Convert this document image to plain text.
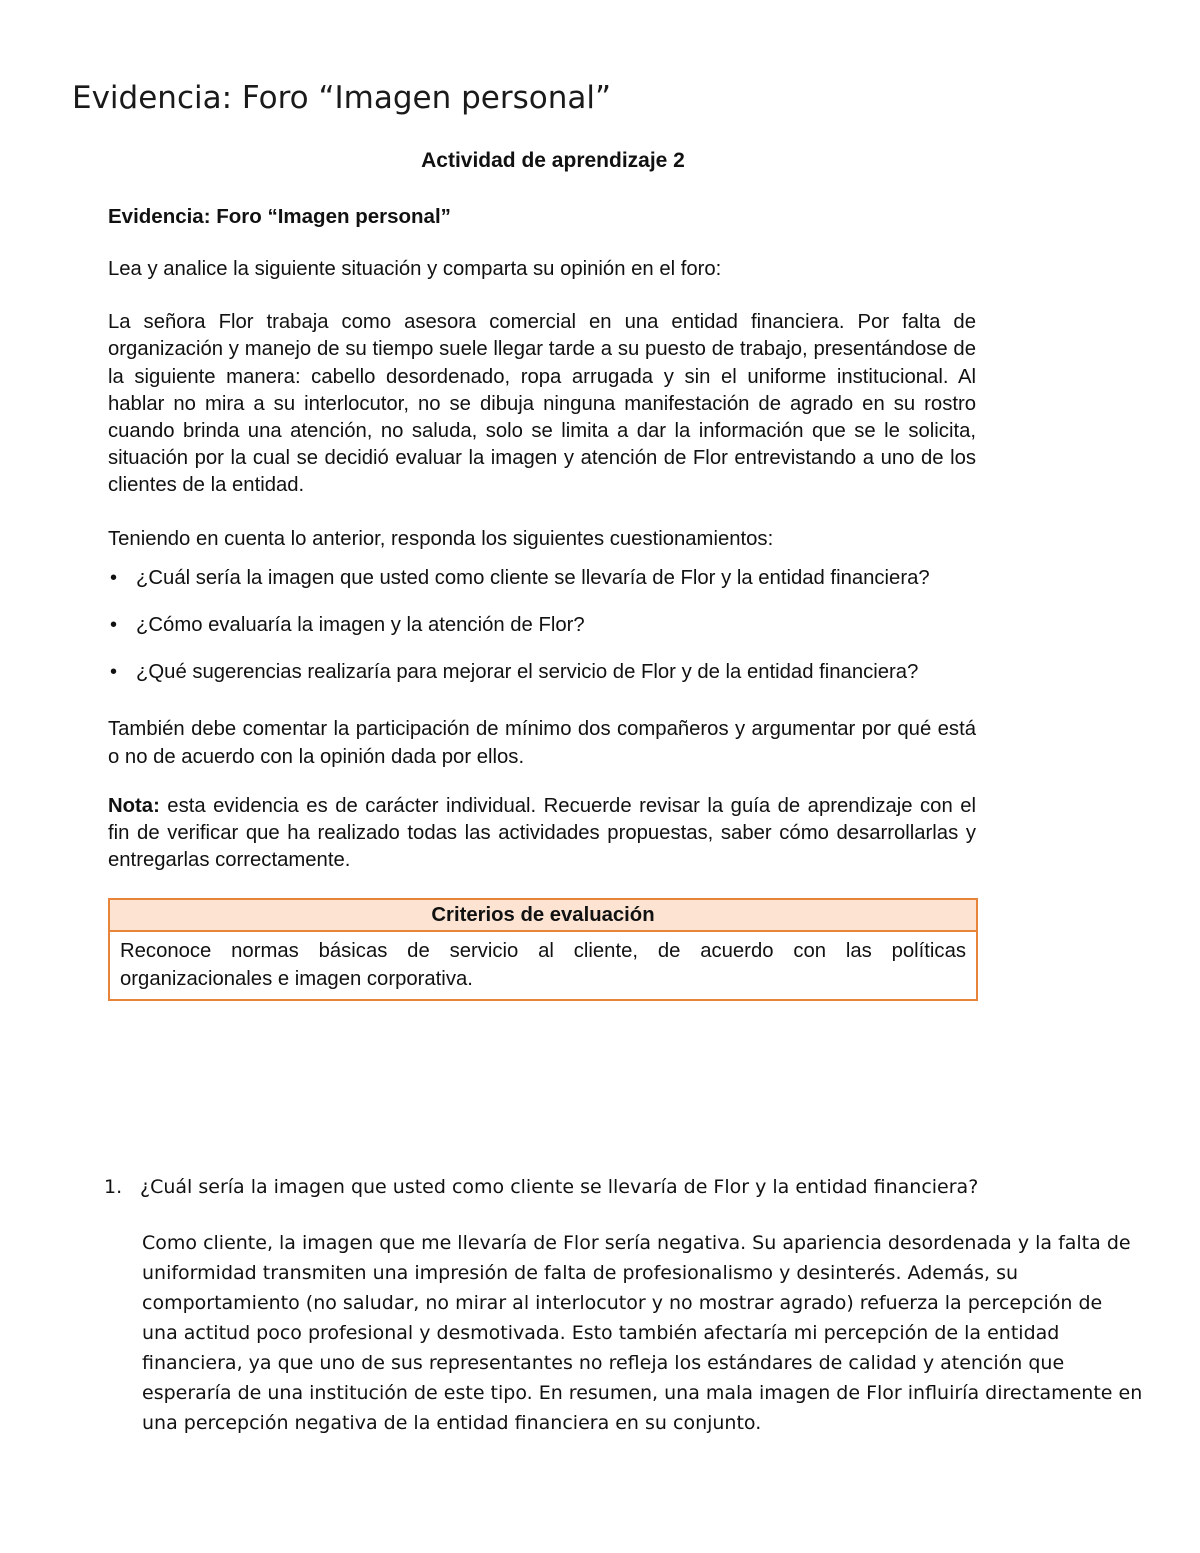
Evidencia: Foro “Imagen personal”
Actividad de aprendizaje 2
Evidencia: Foro “Imagen personal”
Lea y analice la siguiente situación y comparta su opinión en el foro:
La señora Flor trabaja como asesora comercial en una entidad financiera. Por falta de organización y manejo de su tiempo suele llegar tarde a su puesto de trabajo, presentándose de la siguiente manera: cabello desordenado, ropa arrugada y sin el uniforme institucional. Al hablar no mira a su interlocutor, no se dibuja ninguna manifestación de agrado en su rostro cuando brinda una atención, no saluda, solo se limita a dar la información que se le solicita, situación por la cual se decidió evaluar la imagen y atención de Flor entrevistando a uno de los clientes de la entidad.
Teniendo en cuenta lo anterior, responda los siguientes cuestionamientos:
• ¿Cuál sería la imagen que usted como cliente se llevaría de Flor y la entidad financiera?
• ¿Cómo evaluaría la imagen y la atención de Flor?
• ¿Qué sugerencias realizaría para mejorar el servicio de Flor y de la entidad financiera?
También debe comentar la participación de mínimo dos compañeros y argumentar por qué está o no de acuerdo con la opinión dada por ellos.
Nota: esta evidencia es de carácter individual. Recuerde revisar la guía de aprendizaje con el fin de verificar que ha realizado todas las actividades propuestas, saber cómo desarrollarlas y entregarlas correctamente.
Criterios de evaluación
Reconoce normas básicas de servicio al cliente, de acuerdo con las políticas organizacionales e imagen corporativa.
1. ¿Cuál sería la imagen que usted como cliente se llevaría de Flor y la entidad financiera?
Como cliente, la imagen que me llevaría de Flor sería negativa. Su apariencia desordenada y la falta de uniformidad transmiten una impresión de falta de profesionalismo y desinterés. Además, su comportamiento (no saludar, no mirar al interlocutor y no mostrar agrado) refuerza la percepción de una actitud poco profesional y desmotivada. Esto también afectaría mi percepción de la entidad financiera, ya que uno de sus representantes no refleja los estándares de calidad y atención que esperaría de una institución de este tipo. En resumen, una mala imagen de Flor influiría directamente en una percepción negativa de la entidad financiera en su conjunto.
